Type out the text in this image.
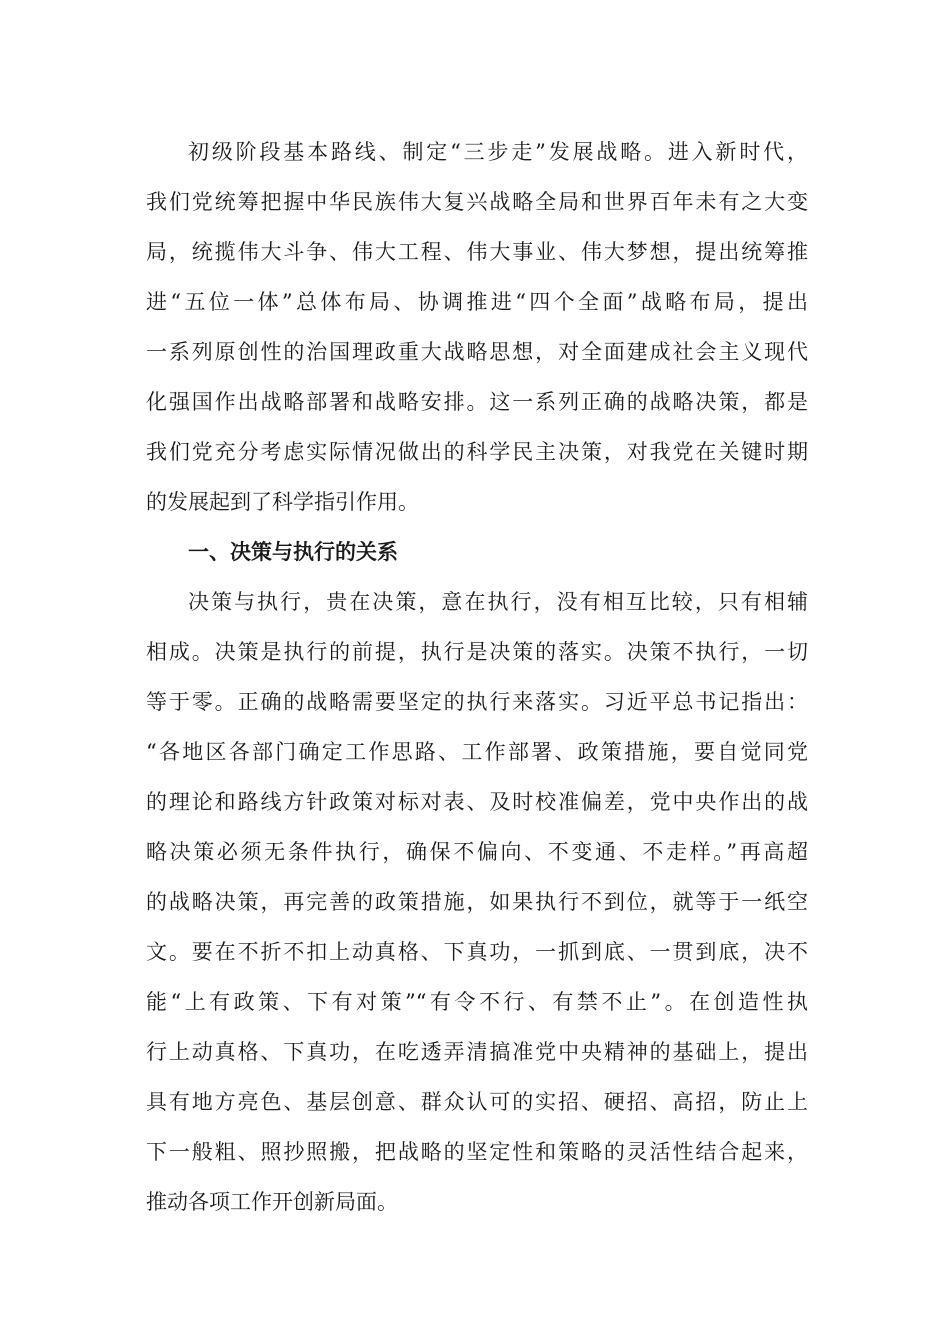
初级阶段基本路线、制定“三步走”发展战略。进入新时代，
我们党统筹把握中华民族伟大复兴战略全局和世界百年未有之大变
局，统揽伟大斗争、伟大工程、伟大事业、伟大梦想，提出统筹推
进“五位一体”总体布局、协调推进“四个全面”战略布局，提出
一系列原创性的治国理政重大战略思想，对全面建成社会主义现代
化强国作出战略部署和战略安排。这一系列正确的战略决策，都是
我们党充分考虑实际情况做出的科学民主决策，对我党在关键时期
的发展起到了科学指引作用。
一、决策与执行的关系
决策与执行，贵在决策，意在执行，没有相互比较，只有相辅
相成。决策是执行的前提，执行是决策的落实。决策不执行，一切
等于零。正确的战略需要坚定的执行来落实。习近平总书记指出：
“各地区各部门确定工作思路、工作部署、政策措施，要自觉同党
的理论和路线方针政策对标对表、及时校准偏差，党中央作出的战
略决策必须无条件执行，确保不偏向、不变通、不走样。”再高超
的战略决策，再完善的政策措施，如果执行不到位，就等于一纸空
文。要在不折不扣上动真格、下真功，一抓到底、一贯到底，决不
能“上有政策、下有对策”“有令不行、有禁不止”。在创造性执
行上动真格、下真功，在吃透弄清搞准党中央精神的基础上，提出
具有地方亮色、基层创意、群众认可的实招、硬招、高招，防止上
下一般粗、照抄照搬，把战略的坚定性和策略的灵活性结合起来，
推动各项工作开创新局面。
